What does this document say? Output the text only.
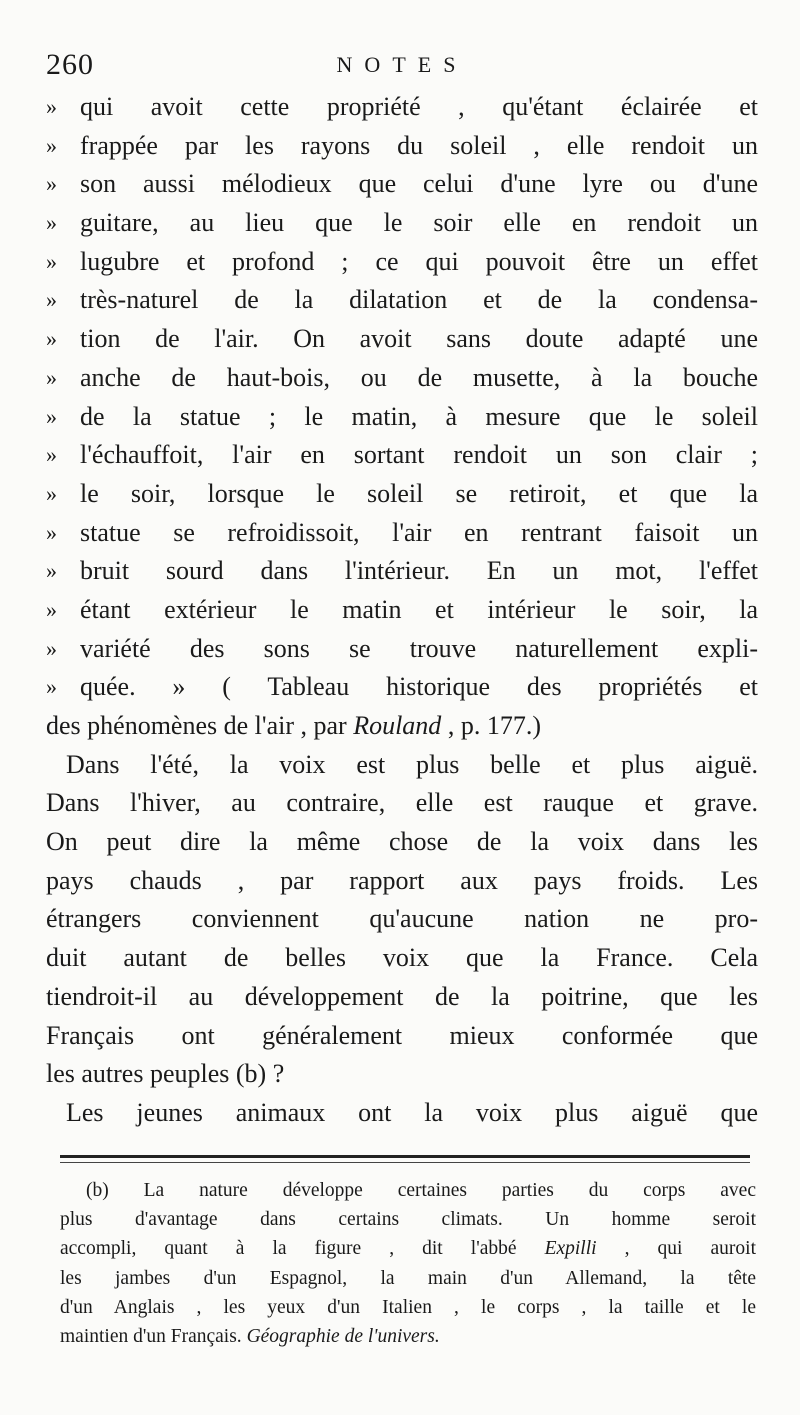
260	NOTES
» qui avoit cette propriété , qu'étant éclairée et
» frappée par les rayons du soleil , elle rendoit un
» son aussi mélodieux que celui d'une lyre ou d'une
» guitare, au lieu que le soir elle en rendoit un
» lugubre et profond ; ce qui pouvoit être un effet
» très-naturel de la dilatation et de la condensa-
» tion de l'air. On avoit sans doute adapté une
» anche de haut-bois, ou de musette, à la bouche
» de la statue ; le matin, à mesure que le soleil
» l'échauffoit, l'air en sortant rendoit un son clair ;
» le soir, lorsque le soleil se retiroit, et que la
» statue se refroidissoit, l'air en rentrant faisoit un
» bruit sourd dans l'intérieur. En un mot, l'effet
» étant extérieur le matin et intérieur le soir, la
» variété des sons se trouve naturellement expli-
» quée. » ( Tableau historique des propriétés et
des phénomènes de l'air , par Rouland , p. 177.)
Dans l'été, la voix est plus belle et plus aiguë.
Dans l'hiver, au contraire, elle est rauque et grave.
On peut dire la même chose de la voix dans les
pays chauds , par rapport aux pays froids. Les
étrangers conviennent qu'aucune nation ne pro-
duit autant de belles voix que la France. Cela
tiendroit-il au développement de la poitrine, que les
Français ont généralement mieux conformée que
les autres peuples (b) ?
Les jeunes animaux ont la voix plus aiguë que
(b) La nature développe certaines parties du corps avec
plus d'avantage dans certains climats. Un homme seroit
accompli, quant à la figure , dit l'abbé Expilli , qui auroit
les jambes d'un Espagnol, la main d'un Allemand, la tête
d'un Anglais , les yeux d'un Italien , le corps , la taille et le
maintien d'un Français. Géographie de l'univers.
